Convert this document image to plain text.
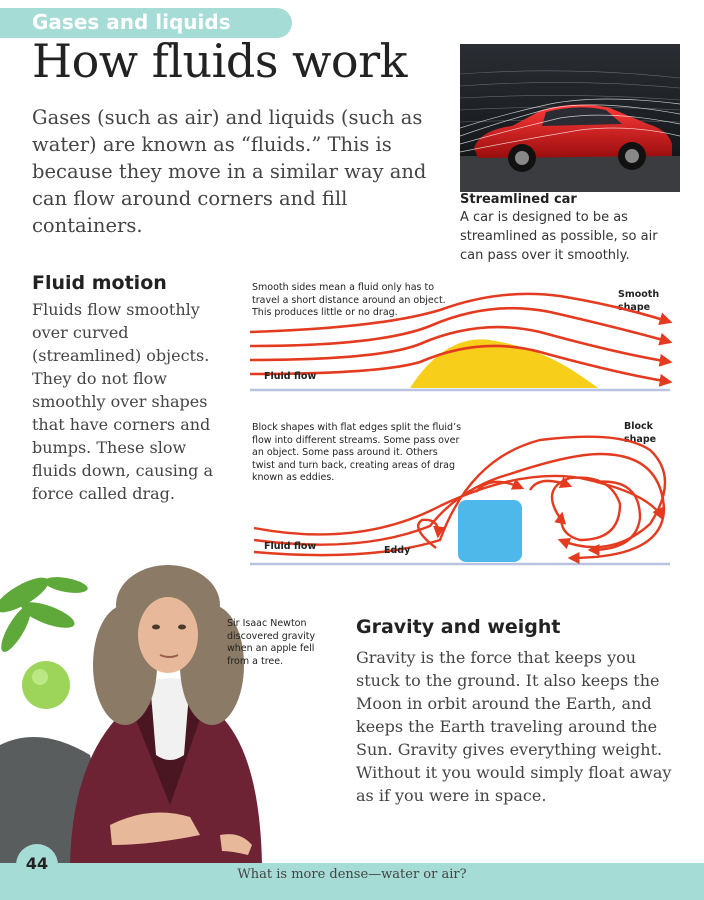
Gases and liquids
How fluids work
Gases (such as air) and liquids (such as water) are known as “fluids.” This is because they move in a similar way and can flow around corners and fill containers.
Streamlined car
A car is designed to be as streamlined as possible, so air can pass over it smoothly.
Fluid motion
Fluids flow smoothly over curved (streamlined) objects. They do not flow smoothly over shapes that have corners and bumps. These slow fluids down, causing a force called drag.
Smooth sides mean a fluid only has to travel a short distance around an object. This produces little or no drag.
Smooth
shape
Fluid flow
Block shapes with flat edges split the fluid’s flow into different streams. Some pass over an object. Some pass around it. Others twist and turn back, creating areas of drag known as eddies.
Block
shape
Fluid flow	Eddy
Sir Isaac Newton discovered gravity when an apple fell from a tree.
Gravity and weight
Gravity is the force that keeps you stuck to the ground. It also keeps the Moon in orbit around the Earth, and keeps the Earth traveling around the Sun. Gravity gives everything weight. Without it you would simply float away as if you were in space.
44
What is more dense—water or air?
